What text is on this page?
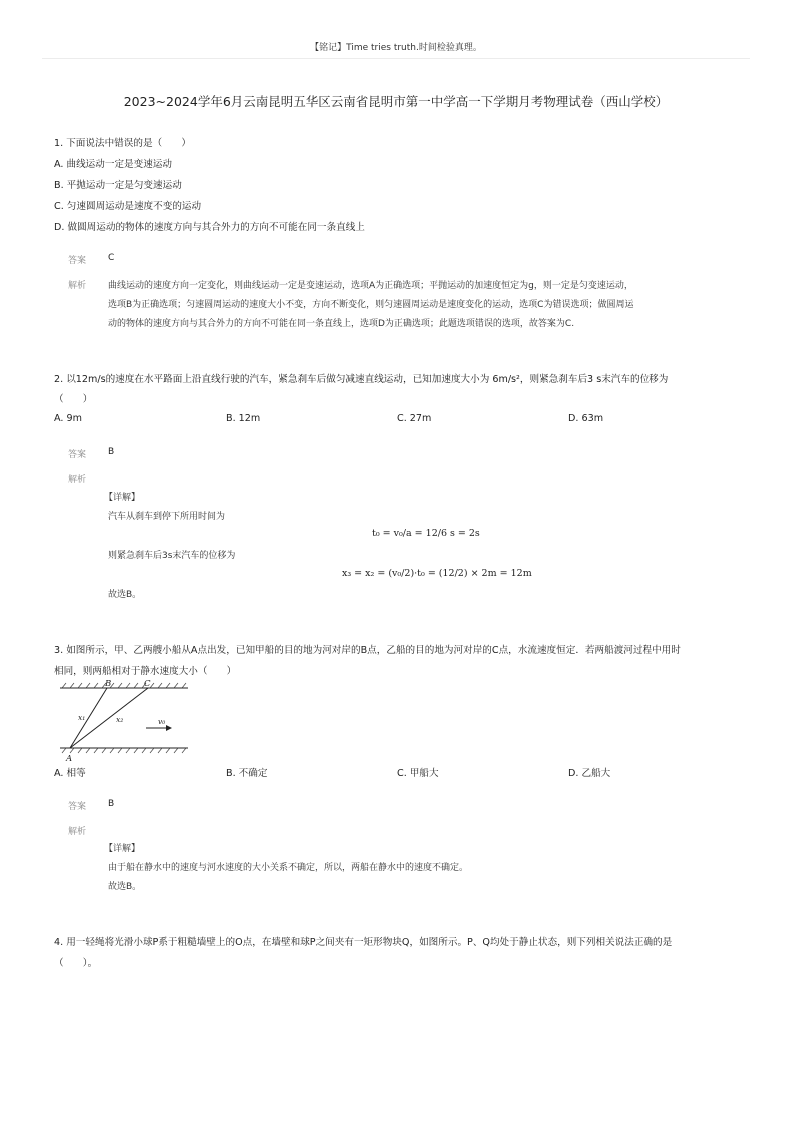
【铭记】Time tries truth.时间检验真理。
2023~2024学年6月云南昆明五华区云南省昆明市第一中学高一下学期月考物理试卷（西山学校）
1. 下面说法中错误的是（　　）
A. 曲线运动一定是变速运动
B. 平抛运动一定是匀变速运动
C. 匀速圆周运动是速度不变的运动
D. 做圆周运动的物体的速度方向与其合外力的方向不可能在同一条直线上
答案 C
解析 曲线运动的速度方向一定变化，则曲线运动一定是变速运动，选项A为正确选项；平抛运动的加速度恒定为g，则一定是匀变速运动，
选项B为正确选项；匀速圆周运动的速度大小不变，方向不断变化，则匀速圆周运动是速度变化的运动，选项C为错误选项；做圆周运
动的物体的速度方向与其合外力的方向不可能在同一条直线上，选项D为正确选项；此题选项错误的选项，故答案为C.
2. 以12m/s的速度在水平路面上沿直线行驶的汽车，紧急刹车后做匀减速直线运动，已知加速度大小为 6m/s²，则紧急刹车后3 s末汽车的位移为
（　　）
A. 9m	B. 12m	C. 27m	D. 63m
答案 B
解析
【详解】
汽车从刹车到停下所用时间为
t₀ = v₀/a = 12/6 s = 2s
则紧急刹车后3s末汽车的位移为
x₃ = x₂ = (v₀/2)·t₀ = (12/2) × 2m = 12m
故选B。
3. 如图所示，甲、乙两艘小船从A点出发，已知甲船的目的地为河对岸的B点，乙船的目的地为河对岸的C点，水流速度恒定．若两船渡河过程中用时
相同，则两船相对于静水速度大小（　　）
B	C
A
x₁	x₂	v₀
A. 相等	B. 不确定	C. 甲船大	D. 乙船大
答案 B
解析
【详解】
由于船在静水中的速度与河水速度的大小关系不确定，所以，两船在静水中的速度不确定。
故选B。
4. 用一轻绳将光滑小球P系于粗糙墙壁上的O点，在墙壁和球P之间夹有一矩形物块Q，如图所示。P、Q均处于静止状态，则下列相关说法正确的是
（　　）。
